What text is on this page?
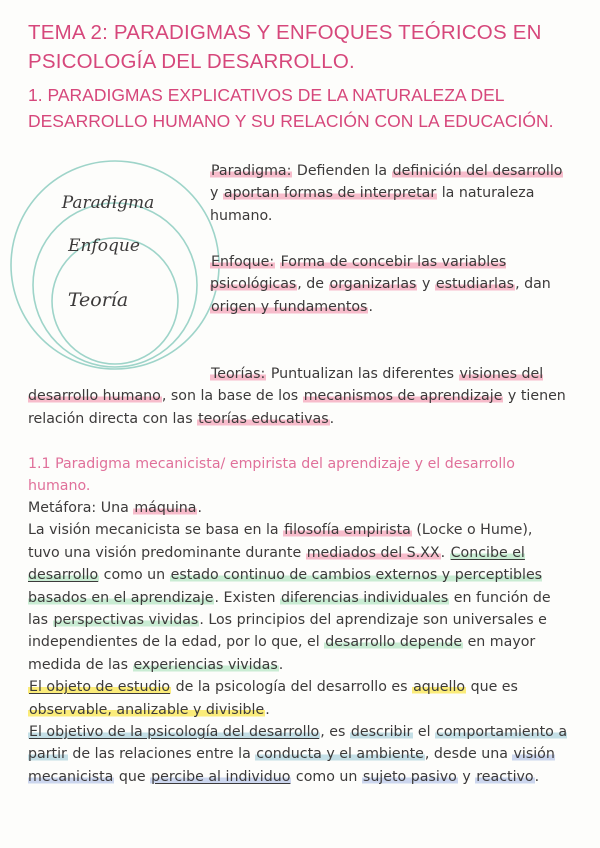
TEMA 2: PARADIGMAS Y ENFOQUES TEÓRICOS EN PSICOLOGÍA DEL DESARROLLO.
1. PARADIGMAS EXPLICATIVOS DE LA NATURALEZA DEL DESARROLLO HUMANO Y SU RELACIÓN CON LA EDUCACIÓN.
Paradigma
Enfoque
Teoría

Paradigma: Defienden la definición del desarrollo y aportan formas de interpretar la naturaleza humano.

Enfoque: Forma de concebir las variables psicológicas, de organizarlas y estudiarlas, dan origen y fundamentos.

Teorías: Puntualizan las diferentes visiones del desarrollo humano, son la base de los mecanismos de aprendizaje y tienen relación directa con las teorías educativas.

1.1 Paradigma mecanicista/ empirista del aprendizaje y el desarrollo humano.
Metáfora: Una máquina.
La visión mecanicista se basa en la filosofía empirista (Locke o Hume), tuvo una visión predominante durante mediados del S.XX. Concibe el desarrollo como un estado continuo de cambios externos y perceptibles basados en el aprendizaje. Existen diferencias individuales en función de las perspectivas vividas. Los principios del aprendizaje son universales e independientes de la edad, por lo que, el desarrollo depende en mayor medida de las experiencias vividas.
El objeto de estudio de la psicología del desarrollo es aquello que es observable, analizable y divisible.
El objetivo de la psicología del desarrollo, es describir el comportamiento a partir de las relaciones entre la conducta y el ambiente, desde una visión mecanicista que percibe al individuo como un sujeto pasivo y reactivo.
